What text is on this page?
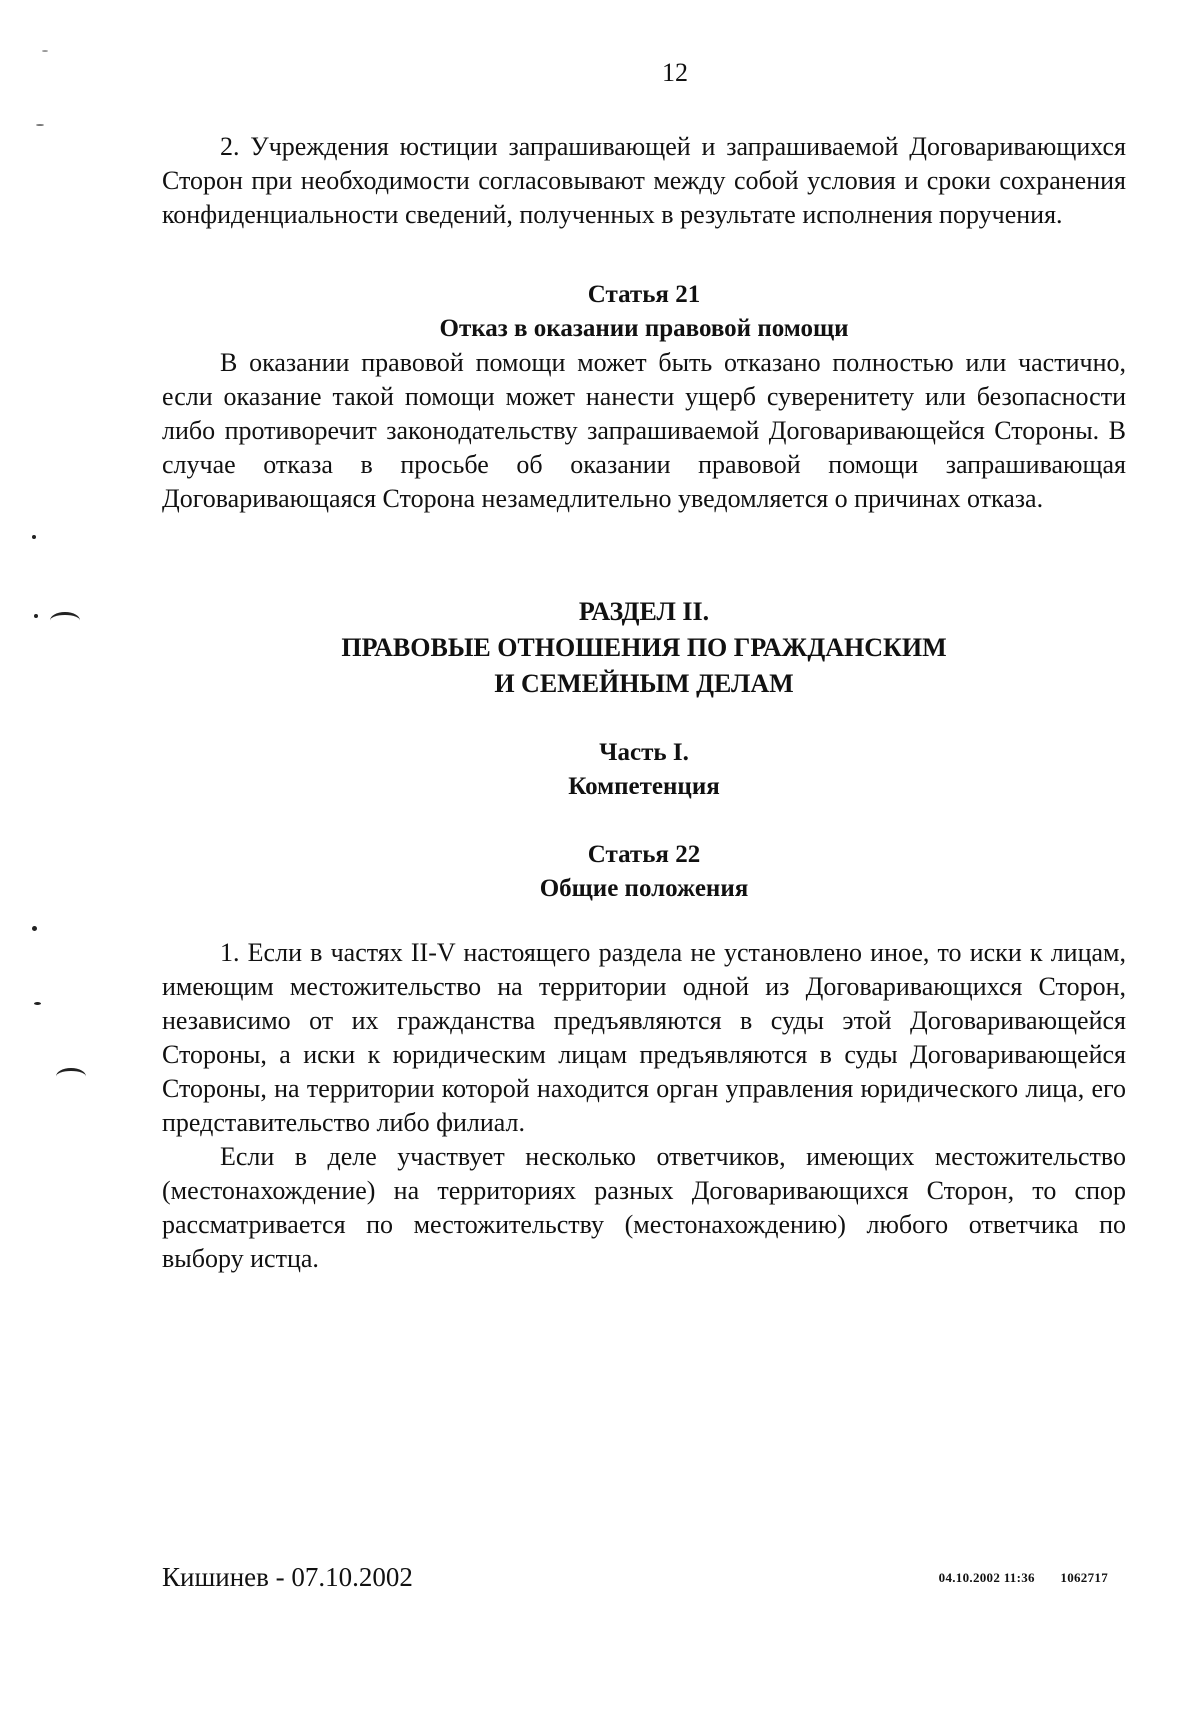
12

2. Учреждения юстиции запрашивающей и запрашиваемой Договаривающихся Сторон при необходимости согласовывают между собой условия и сроки сохранения конфиденциальности сведений, полученных в результате исполнения поручения.

Статья 21

Отказ в оказании правовой помощи

В оказании правовой помощи может быть отказано полностью или частично, если оказание такой помощи может нанести ущерб суверенитету или безопасности либо противоречит законодательству запрашиваемой Договаривающейся Стороны. В случае отказа в просьбе об оказании правовой помощи запрашивающая Договаривающаяся Сторона незамедлительно уведомляется о причинах отказа.

РАЗДЕЛ II.

ПРАВОВЫЕ ОТНОШЕНИЯ ПО ГРАЖДАНСКИМ

И СЕМЕЙНЫМ ДЕЛАМ

Часть I.

Компетенция

Статья 22

Общие положения

1. Если в частях II-V настоящего раздела не установлено иное, то иски к лицам, имеющим местожительство на территории одной из Договаривающихся Сторон, независимо от их гражданства предъявляются в суды этой Договаривающейся Стороны, а иски к юридическим лицам предъявляются в суды Договаривающейся Стороны, на территории которой находится орган управления юридического лица, его представительство либо филиал.

Если в деле участвует несколько ответчиков, имеющих местожительство (местонахождение) на территориях разных Договаривающихся Сторон, то спор рассматривается по местожительству (местонахождению) любого ответчика по выбору истца.

Кишинев - 07.10.2002	04.10.2002 11:36 1062717
